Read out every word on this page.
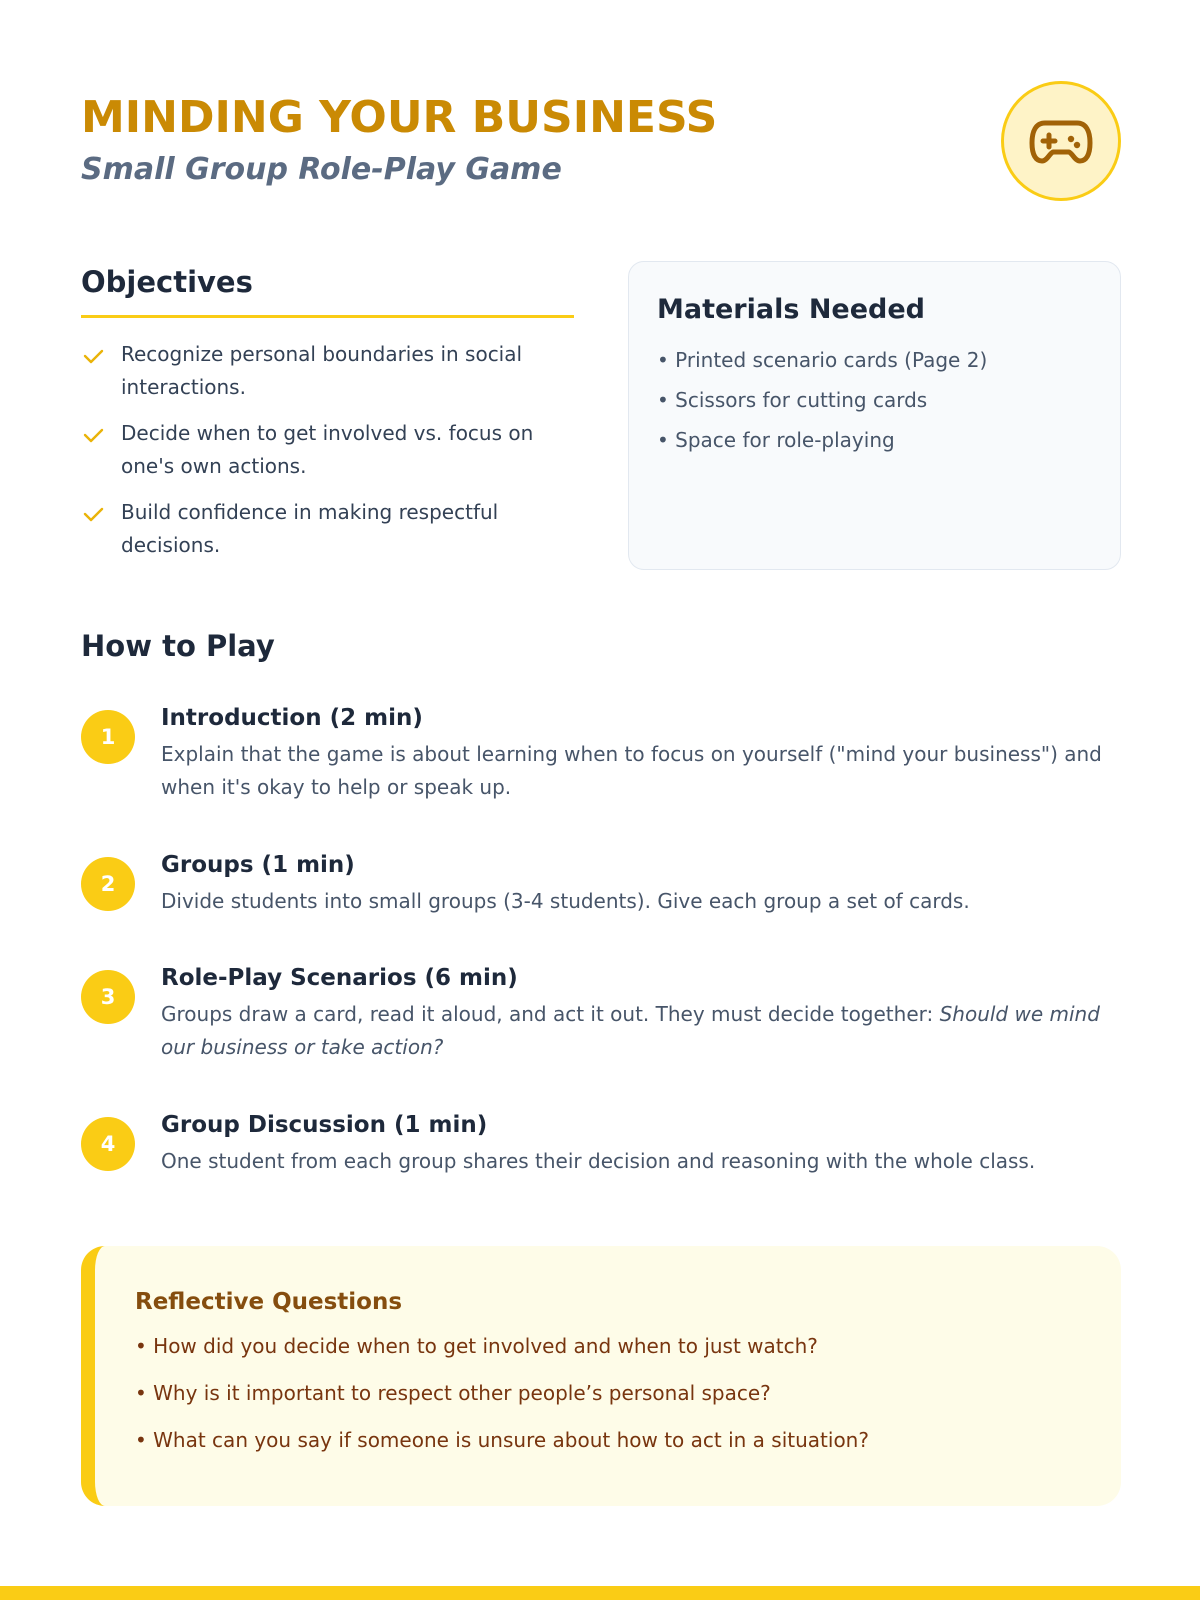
MINDING YOUR BUSINESS
Small Group Role-Play Game
Objectives
Recognize personal boundaries in social interactions.
Decide when to get involved vs. focus on one's own actions.
Build confidence in making respectful decisions.
Materials Needed
• Printed scenario cards (Page 2)
• Scissors for cutting cards
• Space for role-playing
How to Play
1
Introduction (2 min)

Explain that the game is about learning when to focus on yourself ("mind your business") and when it's okay to help or speak up.

2
Groups (1 min)

Divide students into small groups (3-4 students). Give each group a set of cards.

3
Role-Play Scenarios (6 min)

Groups draw a card, read it aloud, and act it out. They must decide together: Should we mind our business or take action?

4
Group Discussion (1 min)

One student from each group shares their decision and reasoning with the whole class.

Reflective Questions
• How did you decide when to get involved and when to just watch?
• Why is it important to respect other people’s personal space?
• What can you say if someone is unsure about how to act in a situation?
